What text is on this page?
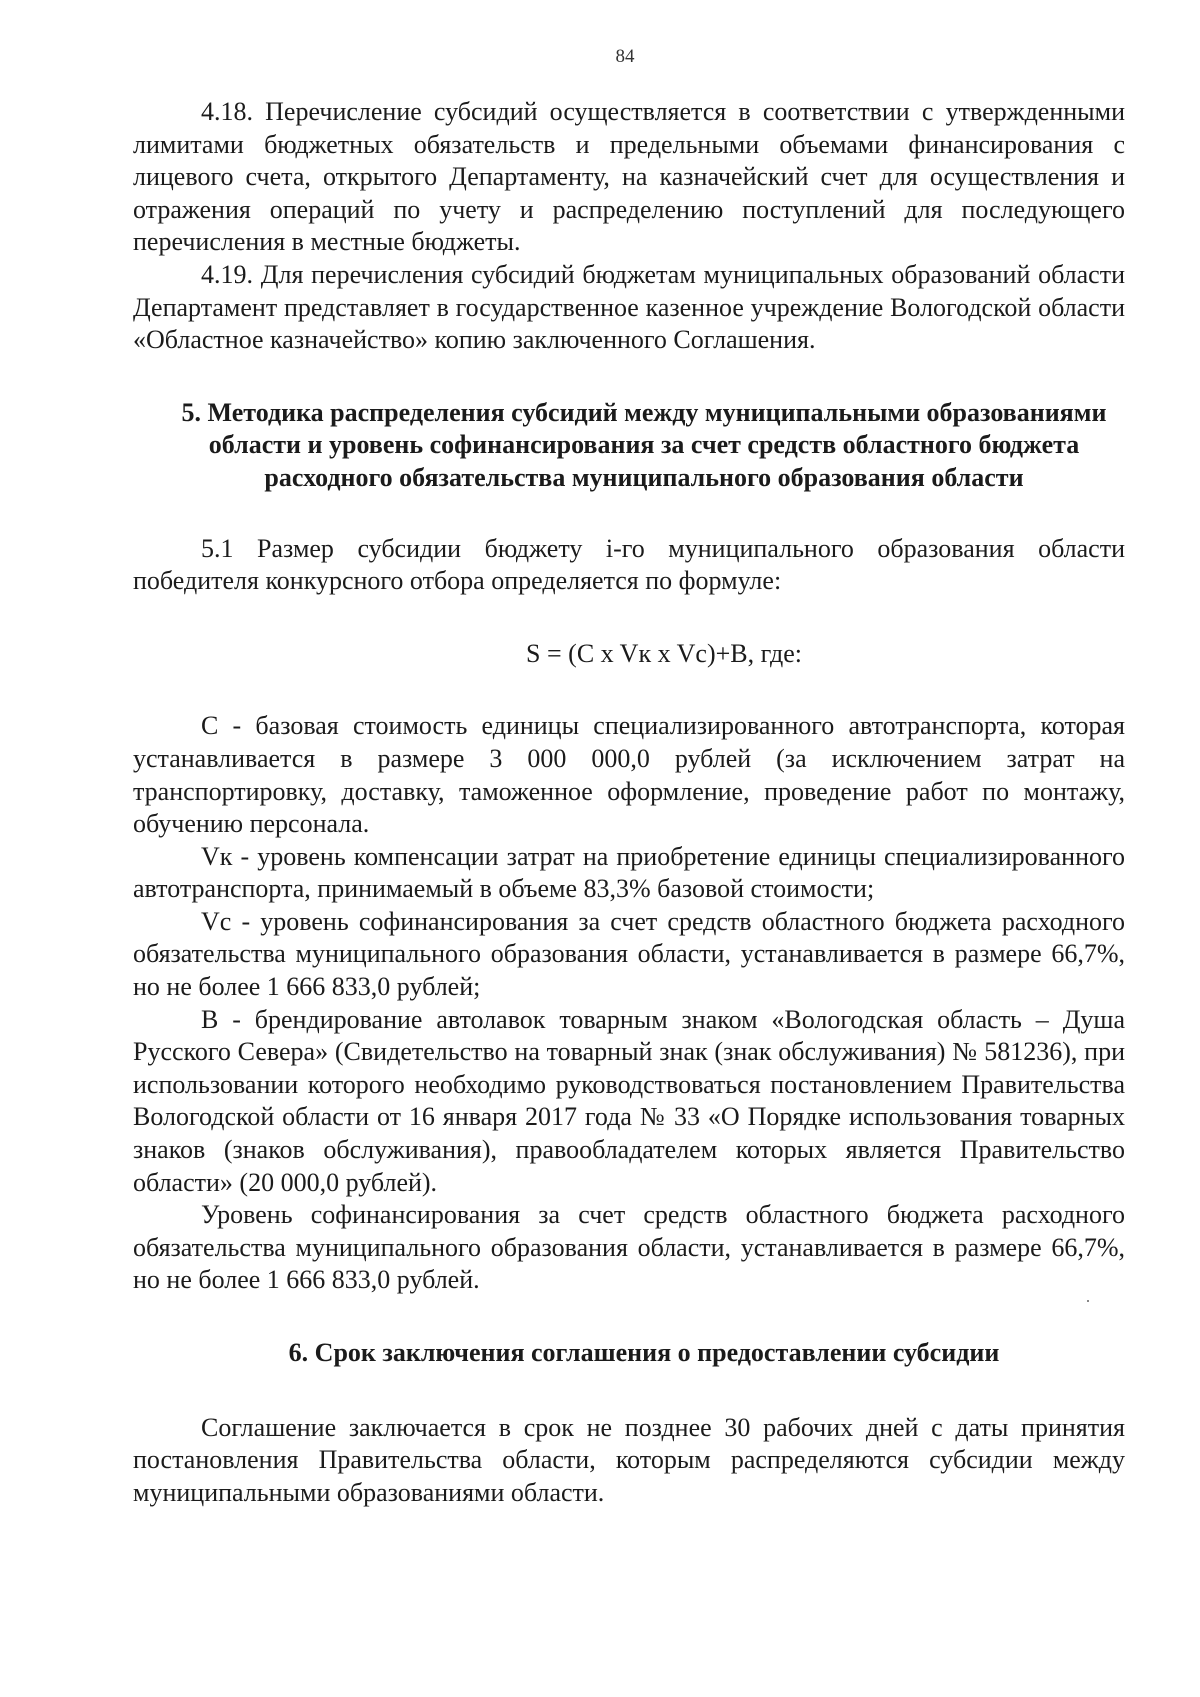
84

4.18. Перечисление субсидий осуществляется в соответствии с утвержденными лимитами бюджетных обязательств и предельными объемами финансирования с лицевого счета, открытого Департаменту, на казначейский счет для осуществления и отражения операций по учету и распределению поступлений для последующего перечисления в местные бюджеты.

4.19. Для перечисления субсидий бюджетам муниципальных образований области Департамент представляет в государственное казенное учреждение Вологодской области «Областное казначейство» копию заключенного Соглашения.

5. Методика распределения субсидий между муниципальными образованиями области и уровень софинансирования за счет средств областного бюджета расходного обязательства муниципального образования области

5.1 Размер субсидии бюджету i-го муниципального образования области победителя конкурсного отбора определяется по формуле:

S = (C x Vк x Vc)+B, где:

С - базовая стоимость единицы специализированного автотранспорта, которая устанавливается в размере 3 000 000,0 рублей (за исключением затрат на транспортировку, доставку, таможенное оформление, проведение работ по монтажу, обучению персонала.

Vк - уровень компенсации затрат на приобретение единицы специализированного автотранспорта, принимаемый в объеме 83,3% базовой стоимости;

Vc - уровень софинансирования за счет средств областного бюджета расходного обязательства муниципального образования области, устанавливается в размере 66,7%, но не более 1 666 833,0 рублей;

В - брендирование автолавок товарным знаком «Вологодская область – Душа Русского Севера» (Свидетельство на товарный знак (знак обслуживания) № 581236), при использовании которого необходимо руководствоваться постановлением Правительства Вологодской области от 16 января 2017 года № 33 «О Порядке использования товарных знаков (знаков обслуживания), правообладателем которых является Правительство области» (20 000,0 рублей).

Уровень софинансирования за счет средств областного бюджета расходного обязательства муниципального образования области, устанавливается в размере 66,7%, но не более 1 666 833,0 рублей.

6. Срок заключения соглашения о предоставлении субсидии

Соглашение заключается в срок не позднее 30 рабочих дней с даты принятия постановления Правительства области, которым распределяются субсидии между муниципальными образованиями области.
